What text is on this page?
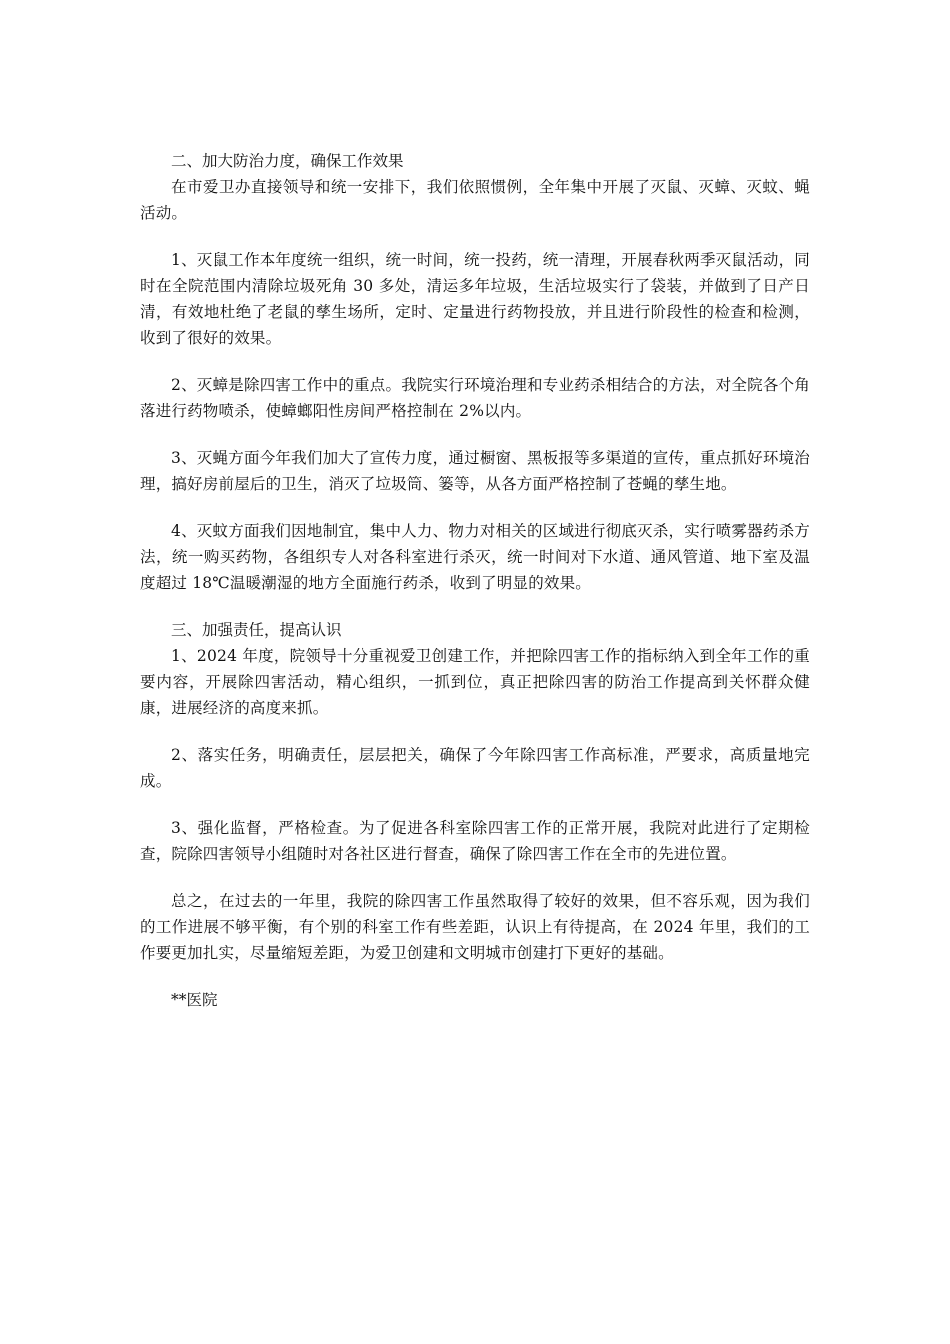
二、加大防治力度，确保工作效果

在市爱卫办直接领导和统一安排下，我们依照惯例，全年集中开展了灭鼠、灭蟑、灭蚊、蝇活动。

1、灭鼠工作本年度统一组织，统一时间，统一投药，统一清理，开展春秋两季灭鼠活动，同时在全院范围内清除垃圾死角 30 多处，清运多年垃圾，生活垃圾实行了袋装，并做到了日产日清，有效地杜绝了老鼠的孳生场所，定时、定量进行药物投放，并且进行阶段性的检查和检测，收到了很好的效果。

2、灭蟑是除四害工作中的重点。我院实行环境治理和专业药杀相结合的方法，对全院各个角落进行药物喷杀，使蟑螂阳性房间严格控制在 2%以内。

3、灭蝇方面今年我们加大了宣传力度，通过橱窗、黑板报等多渠道的宣传，重点抓好环境治理，搞好房前屋后的卫生，消灭了垃圾筒、篓等，从各方面严格控制了苍蝇的孳生地。

4、灭蚊方面我们因地制宜，集中人力、物力对相关的区域进行彻底灭杀，实行喷雾器药杀方法，统一购买药物，各组织专人对各科室进行杀灭，统一时间对下水道、通风管道、地下室及温度超过 18℃温暖潮湿的地方全面施行药杀，收到了明显的效果。

三、加强责任，提高认识

1、2024 年度，院领导十分重视爱卫创建工作，并把除四害工作的指标纳入到全年工作的重要内容，开展除四害活动，精心组织，一抓到位，真正把除四害的防治工作提高到关怀群众健康，进展经济的高度来抓。

2、落实任务，明确责任，层层把关，确保了今年除四害工作高标准，严要求，高质量地完成。

3、强化监督，严格检查。为了促进各科室除四害工作的正常开展，我院对此进行了定期检查，院除四害领导小组随时对各社区进行督查，确保了除四害工作在全市的先进位置。

总之，在过去的一年里，我院的除四害工作虽然取得了较好的效果，但不容乐观，因为我们的工作进展不够平衡，有个别的科室工作有些差距，认识上有待提高，在 2024 年里，我们的工作要更加扎实，尽量缩短差距，为爱卫创建和文明城市创建打下更好的基础。

**医院
